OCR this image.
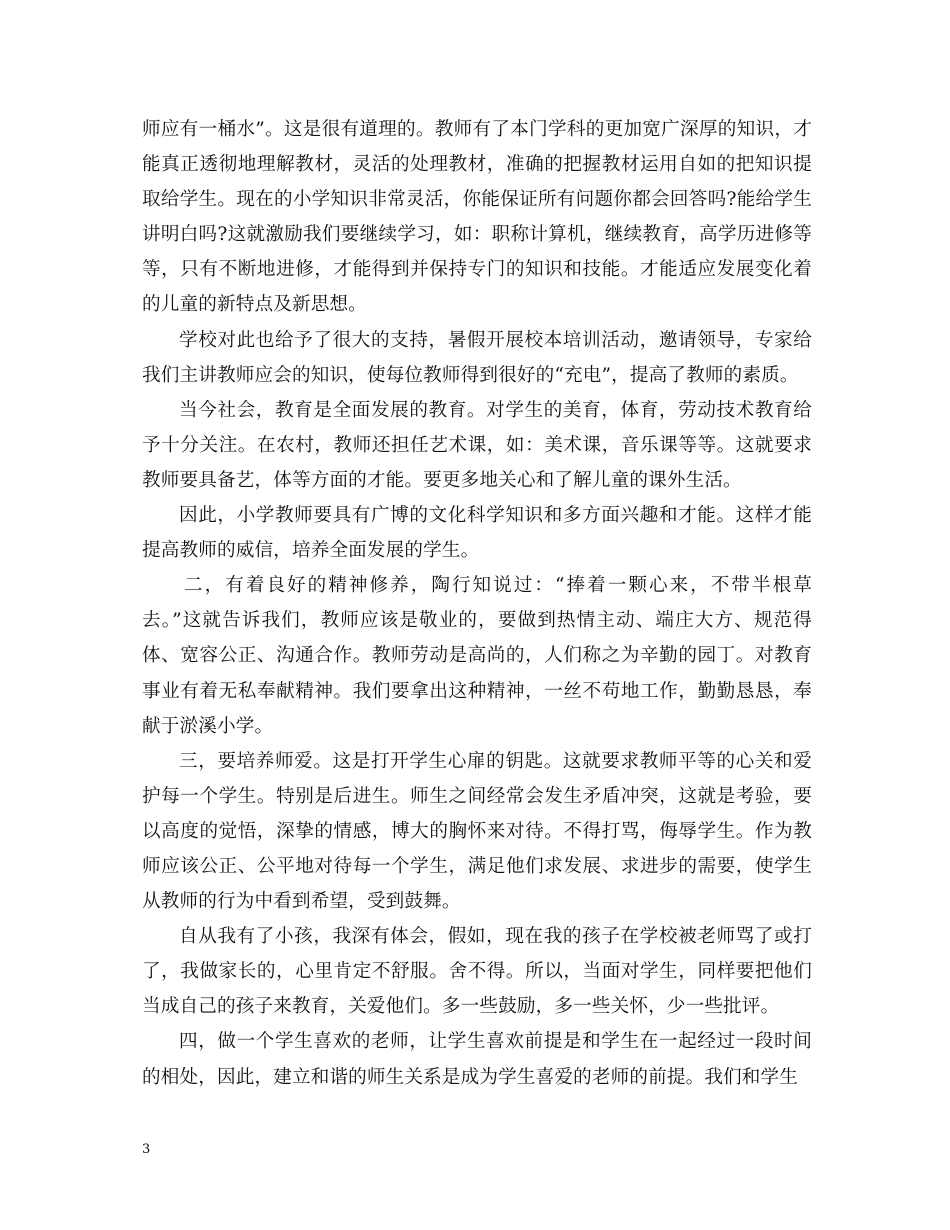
师应有一桶水”。这是很有道理的。教师有了本门学科的更加宽广深厚的知识，才能真正透彻地理解教材，灵活的处理教材，准确的把握教材运用自如的把知识提取给学生。现在的小学知识非常灵活，你能保证所有问题你都会回答吗?能给学生讲明白吗?这就激励我们要继续学习，如：职称计算机，继续教育，高学历进修等等，只有不断地进修，才能得到并保持专门的知识和技能。才能适应发展变化着的儿童的新特点及新思想。

学校对此也给予了很大的支持，暑假开展校本培训活动，邀请领导，专家给我们主讲教师应会的知识，使每位教师得到很好的“充电”，提高了教师的素质。

当今社会，教育是全面发展的教育。对学生的美育，体育，劳动技术教育给予十分关注。在农村，教师还担任艺术课，如：美术课，音乐课等等。这就要求教师要具备艺，体等方面的才能。要更多地关心和了解儿童的课外生活。

因此，小学教师要具有广博的文化科学知识和多方面兴趣和才能。这样才能提高教师的威信，培养全面发展的学生。

二，有着良好的精神修养，陶行知说过：“捧着一颗心来，不带半根草去。”这就告诉我们，教师应该是敬业的，要做到热情主动、端庄大方、规范得体、宽容公正、沟通合作。教师劳动是高尚的，人们称之为辛勤的园丁。对教育事业有着无私奉献精神。我们要拿出这种精神，一丝不苟地工作，勤勤恳恳，奉献于淤溪小学。

三，要培养师爱。这是打开学生心扉的钥匙。这就要求教师平等的心关和爱护每一个学生。特别是后进生。师生之间经常会发生矛盾冲突，这就是考验，要以高度的觉悟，深挚的情感，博大的胸怀来对待。不得打骂，侮辱学生。作为教师应该公正、公平地对待每一个学生，满足他们求发展、求进步的需要，使学生从教师的行为中看到希望，受到鼓舞。

自从我有了小孩，我深有体会，假如，现在我的孩子在学校被老师骂了或打了，我做家长的，心里肯定不舒服。舍不得。所以，当面对学生，同样要把他们当成自己的孩子来教育，关爱他们。多一些鼓励，多一些关怀，少一些批评。

四，做一个学生喜欢的老师，让学生喜欢前提是和学生在一起经过一段时间的相处，因此，建立和谐的师生关系是成为学生喜爱的老师的前提。我们和学生

3
